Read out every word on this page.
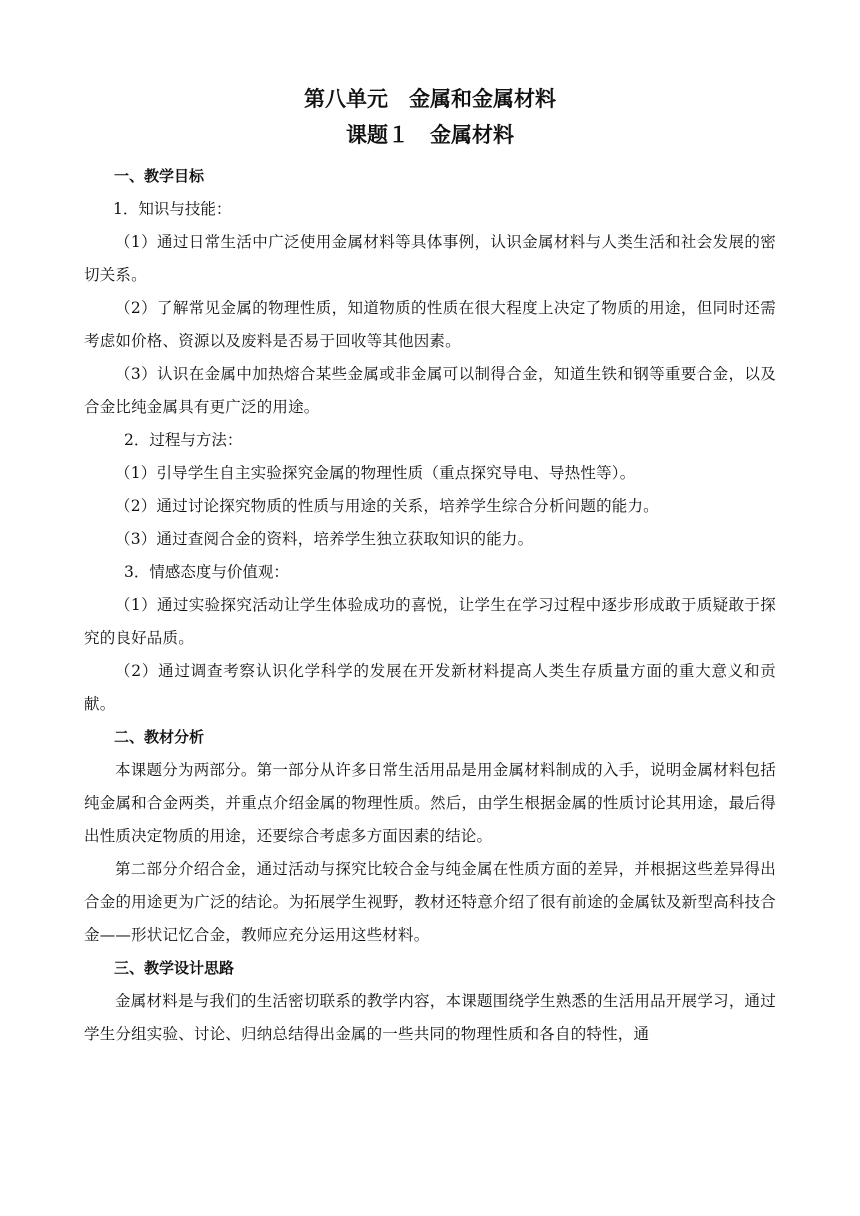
第八单元　金属和金属材料
课题１　金属材料

一、教学目标

1．知识与技能：

（1）通过日常生活中广泛使用金属材料等具体事例，认识金属材料与人类生活和社会发展的密切关系。

（2）了解常见金属的物理性质，知道物质的性质在很大程度上决定了物质的用途，但同时还需考虑如价格、资源以及废料是否易于回收等其他因素。

（3）认识在金属中加热熔合某些金属或非金属可以制得合金，知道生铁和钢等重要合金，以及合金比纯金属具有更广泛的用途。

2．过程与方法：

（1）引导学生自主实验探究金属的物理性质（重点探究导电、导热性等）。

（2）通过讨论探究物质的性质与用途的关系，培养学生综合分析问题的能力。

（3）通过查阅合金的资料，培养学生独立获取知识的能力。

3．情感态度与价值观：

（1）通过实验探究活动让学生体验成功的喜悦，让学生在学习过程中逐步形成敢于质疑敢于探究的良好品质。

（2）通过调查考察认识化学科学的发展在开发新材料提高人类生存质量方面的重大意义和贡献。

二、教材分析

本课题分为两部分。第一部分从许多日常生活用品是用金属材料制成的入手，说明金属材料包括纯金属和合金两类，并重点介绍金属的物理性质。然后，由学生根据金属的性质讨论其用途，最后得出性质决定物质的用途，还要综合考虑多方面因素的结论。

第二部分介绍合金，通过活动与探究比较合金与纯金属在性质方面的差异，并根据这些差异得出合金的用途更为广泛的结论。为拓展学生视野，教材还特意介绍了很有前途的金属钛及新型高科技合金——形状记忆合金，教师应充分运用这些材料。

三、教学设计思路

金属材料是与我们的生活密切联系的教学内容，本课题围绕学生熟悉的生活用品开展学习，通过学生分组实验、讨论、归纳总结得出金属的一些共同的物理性质和各自的特性，通
